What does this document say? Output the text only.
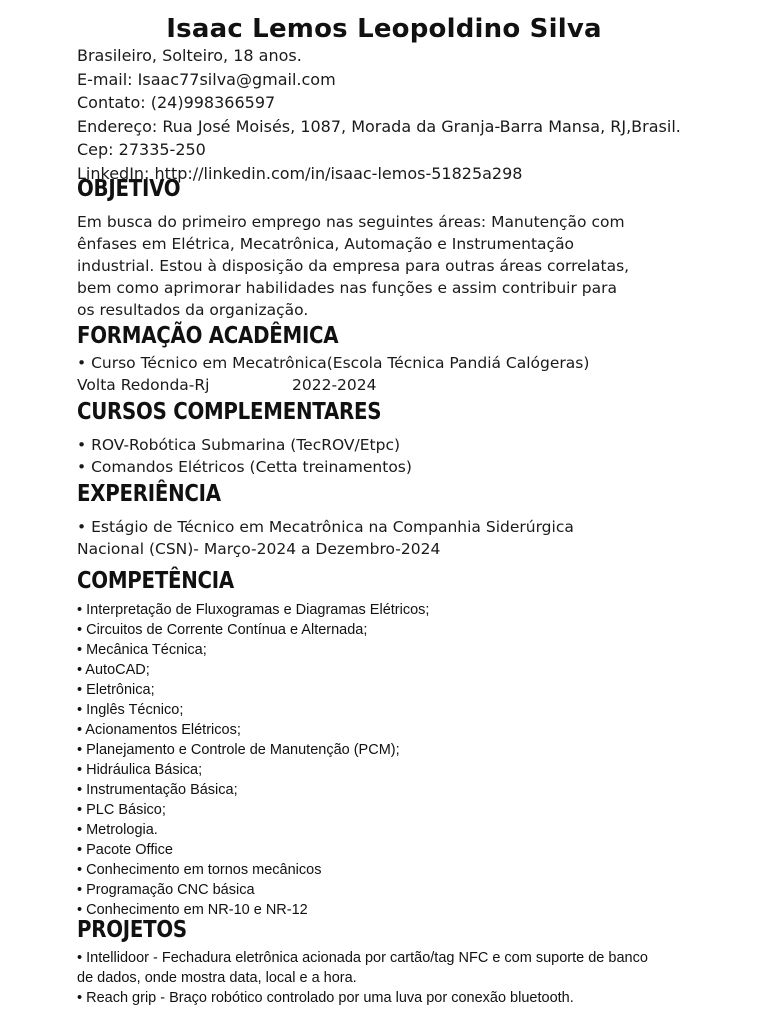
Isaac Lemos Leopoldino Silva
Brasileiro, Solteiro, 18 anos.
E-mail: Isaac77silva@gmail.com
Contato: (24)998366597
Endereço: Rua José Moisés, 1087, Morada da Granja-Barra Mansa, RJ,Brasil.
Cep: 27335-250
LinkedIn: http://linkedin.com/in/isaac-lemos-51825a298
OBJETIVO
Em busca do primeiro emprego nas seguintes áreas: Manutenção com
ênfases em Elétrica, Mecatrônica, Automação e Instrumentação
industrial. Estou à disposição da empresa para outras áreas correlatas,
bem como aprimorar habilidades nas funções e assim contribuir para
os resultados da organização.
FORMAÇÃO ACADÊMICA
• Curso Técnico em Mecatrônica(Escola Técnica Pandiá Calógeras)
Volta Redonda-Rj	2022-2024
CURSOS COMPLEMENTARES
• ROV-Robótica Submarina (TecROV/Etpc)
• Comandos Elétricos (Cetta treinamentos)
EXPERIÊNCIA
• Estágio de Técnico em Mecatrônica na Companhia Siderúrgica
Nacional (CSN)- Março-2024 a Dezembro-2024
COMPETÊNCIA
• Interpretação de Fluxogramas e Diagramas Elétricos;
• Circuitos de Corrente Contínua e Alternada;
• Mecânica Técnica;
• AutoCAD;
• Eletrônica;
• Inglês Técnico;
• Acionamentos Elétricos;
• Planejamento e Controle de Manutenção (PCM);
• Hidráulica Básica;
• Instrumentação Básica;
• PLC Básico;
• Metrologia.
• Pacote Office
• Conhecimento em tornos mecânicos
• Programação CNC básica
• Conhecimento em NR-10 e NR-12
PROJETOS
• Intellidoor - Fechadura eletrônica acionada por cartão/tag NFC e com suporte de banco
de dados, onde mostra data, local e a hora.
• Reach grip - Braço robótico controlado por uma luva por conexão bluetooth.
